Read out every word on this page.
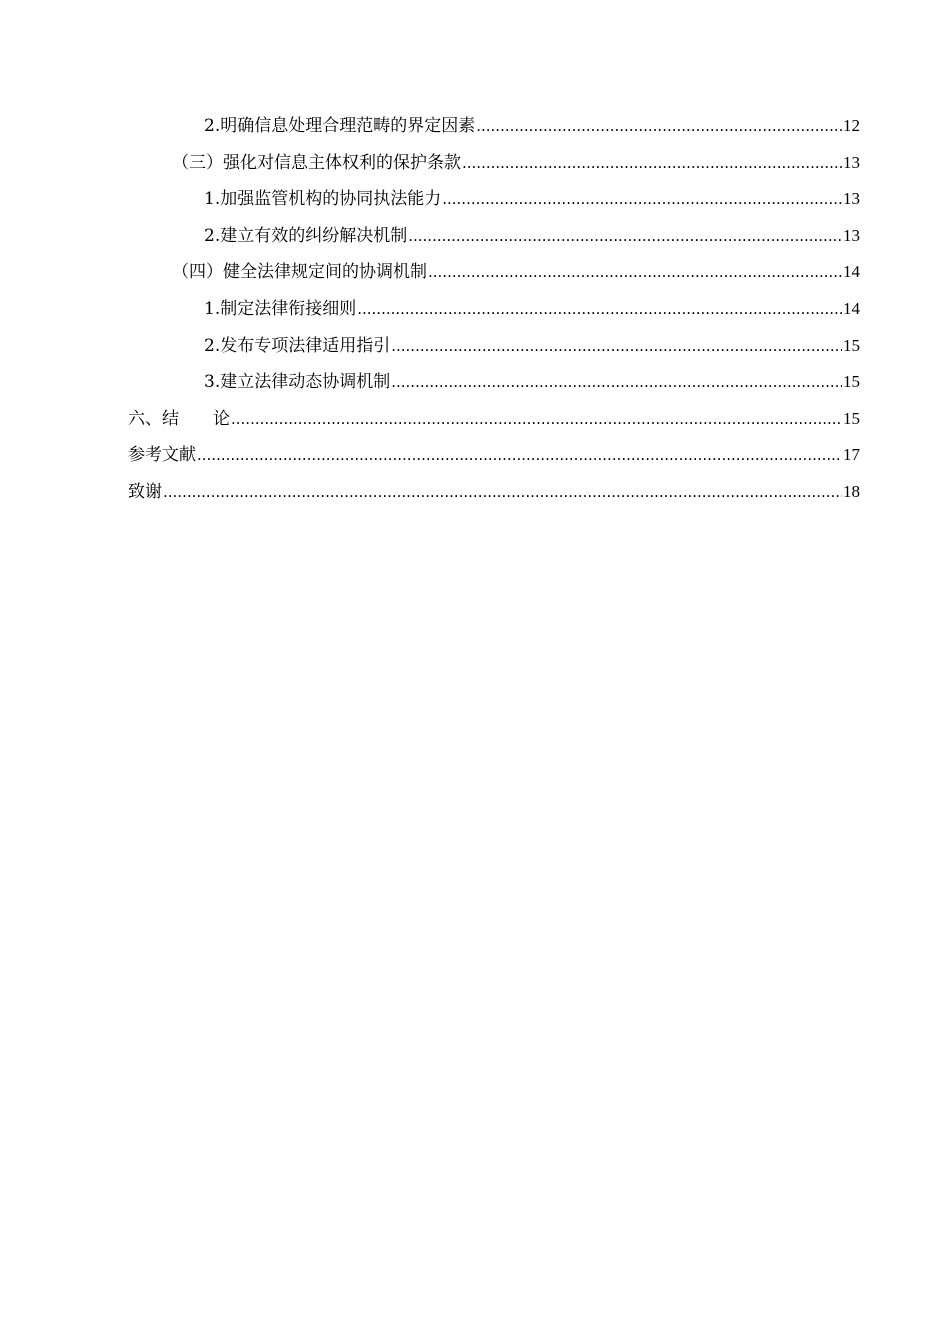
2. 明确信息处理合理范畴的界定因素 .....	12
（三） 强化对信息主体权利的保护条款 .....	13
1. 加强监管机构的协同执法能力 .....	13
2. 建立有效的纠纷解决机制 .....	13
（四） 健全法律规定间的协调机制 .....	14
1. 制定法律衔接细则 .....	14
2. 发布专项法律适用指引 .....	15
3. 建立法律动态协调机制 .....	15
六、 结　　论 .....	15
参考文献 .....	17
致谢 .....	18
